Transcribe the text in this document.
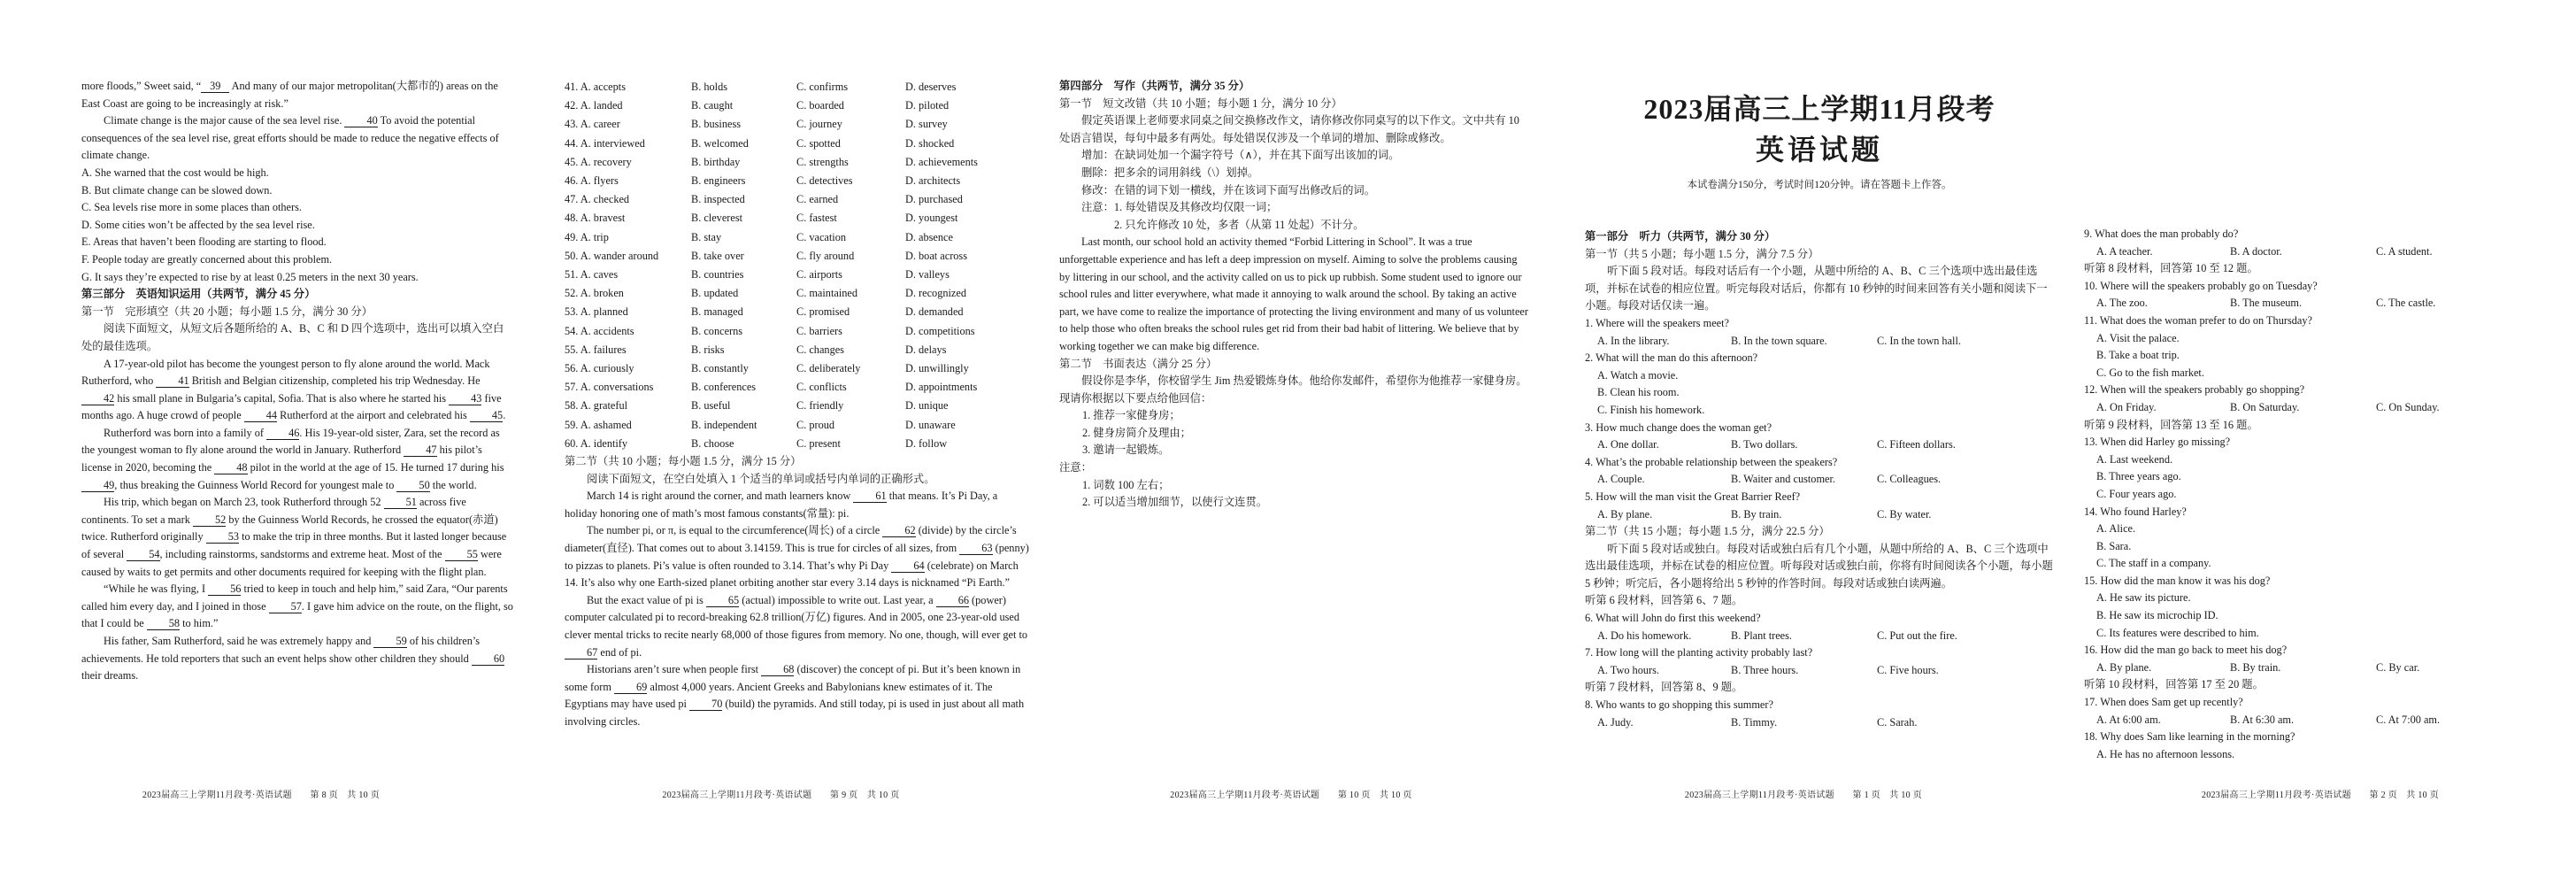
more floods,” Sweet said, “ 39 And many of our major metropolitan(大都市的) areas on the East Coast are going to be increasingly at risk.”

Climate change is the major cause of the sea level rise. 40 To avoid the potential consequences of the sea level rise, great efforts should be made to reduce the negative effects of climate change.

A. She warned that the cost would be high.

B. But climate change can be slowed down.

C. Sea levels rise more in some places than others.

D. Some cities won’t be affected by the sea level rise.

E. Areas that haven’t been flooding are starting to flood.

F. People today are greatly concerned about this problem.

G. It says they’re expected to rise by at least 0.25 meters in the next 30 years.

第三部分　英语知识运用（共两节，满分 45 分）

第一节　完形填空（共 20 小题；每小题 1.5 分，满分 30 分）

阅读下面短文，从短文后各题所给的 A、B、C 和 D 四个选项中，选出可以填入空白处的最佳选项。

A 17-year-old pilot has become the youngest person to fly alone around the world. Mack Rutherford, who 41 British and Belgian citizenship, completed his trip Wednesday. He 42 his small plane in Bulgaria’s capital, Sofia. That is also where he started his 43 five months ago. A huge crowd of people 44 Rutherford at the airport and celebrated his 45.

Rutherford was born into a family of 46. His 19-year-old sister, Zara, set the record as the youngest woman to fly alone around the world in January. Rutherford 47 his pilot’s license in 2020, becoming the 48 pilot in the world at the age of 15. He turned 17 during his 49, thus breaking the Guinness World Record for youngest male to 50 the world.

His trip, which began on March 23, took Rutherford through 52 51 across five continents. To set a mark 52 by the Guinness World Records, he crossed the equator(赤道) twice. Rutherford originally 53 to make the trip in three months. But it lasted longer because of several 54, including rainstorms, sandstorms and extreme heat. Most of the 55 were caused by waits to get permits and other documents required for keeping with the flight plan.

“While he was flying, I 56 tried to keep in touch and help him,” said Zara, “Our parents called him every day, and I joined in those 57. I gave him advice on the route, on the flight, so that I could be 58 to him.”

His father, Sam Rutherford, said he was extremely happy and 59 of his children’s achievements. He told reporters that such an event helps show other children they should 60 their dreams.

2023届高三上学期11月段考·英语试题　　第 8 页　共 10 页
41. A. accepts	B. holds	C. confirms	D. deserves
42. A. landed	B. caught	C. boarded	D. piloted
43. A. career	B. business	C. journey	D. survey
44. A. interviewed	B. welcomed	C. spotted	D. shocked
45. A. recovery	B. birthday	C. strengths	D. achievements
46. A. flyers	B. engineers	C. detectives	D. architects
47. A. checked	B. inspected	C. earned	D. purchased
48. A. bravest	B. cleverest	C. fastest	D. youngest
49. A. trip	B. stay	C. vacation	D. absence
50. A. wander around	B. take over	C. fly around	D. boat across
51. A. caves	B. countries	C. airports	D. valleys
52. A. broken	B. updated	C. maintained	D. recognized
53. A. planned	B. managed	C. promised	D. demanded
54. A. accidents	B. concerns	C. barriers	D. competitions
55. A. failures	B. risks	C. changes	D. delays
56. A. curiously	B. constantly	C. deliberately	D. unwillingly
57. A. conversations	B. conferences	C. conflicts	D. appointments
58. A. grateful	B. useful	C. friendly	D. unique
59. A. ashamed	B. independent	C. proud	D. unaware
60. A. identify	B. choose	C. present	D. follow

第二节（共 10 小题；每小题 1.5 分，满分 15 分）

阅读下面短文，在空白处填入 1 个适当的单词或括号内单词的正确形式。

March 14 is right around the corner, and math learners know 61 that means. It’s Pi Day, a holiday honoring one of math’s most famous constants(常量): pi.

The number pi, or π, is equal to the circumference(周长) of a circle 62 (divide) by the circle’s diameter(直径). That comes out to about 3.14159. This is true for circles of all sizes, from 63 (penny) to pizzas to planets. Pi’s value is often rounded to 3.14. That’s why Pi Day 64 (celebrate) on March 14. It’s also why one Earth-sized planet orbiting another star every 3.14 days is nicknamed “Pi Earth.”

But the exact value of pi is 65 (actual) impossible to write out. Last year, a 66 (power) computer calculated pi to record-breaking 62.8 trillion(万亿) figures. And in 2005, one 23-year-old used clever mental tricks to recite nearly 68,000 of those figures from memory. No one, though, will ever get to 67 end of pi.

Historians aren’t sure when people first 68 (discover) the concept of pi. But it’s been known in some form 69 almost 4,000 years. Ancient Greeks and Babylonians knew estimates of it. The Egyptians may have used pi 70 (build) the pyramids. And still today, pi is used in just about all math involving circles.

2023届高三上学期11月段考·英语试题　　第 9 页　共 10 页

第四部分　写作（共两节，满分 35 分）

第一节　短文改错（共 10 小题；每小题 1 分，满分 10 分）

假定英语课上老师要求同桌之间交换修改作文，请你修改你同桌写的以下作文。文中共有 10 处语言错误，每句中最多有两处。每处错误仅涉及一个单词的增加、删除或修改。

增加：在缺词处加一个漏字符号（∧），并在其下面写出该加的词。

删除：把多余的词用斜线（\）划掉。

修改：在错的词下划一横线，并在该词下面写出修改后的词。

注意：1. 每处错误及其修改均仅限一词；

2. 只允许修改 10 处，多者（从第 11 处起）不计分。

Last month, our school hold an activity themed “Forbid Littering in School”. It was a true unforgettable experience and has left a deep impression on myself. Aiming to solve the problems causing by littering in our school, and the activity called on us to pick up rubbish. Some student used to ignore our school rules and litter everywhere, what made it annoying to walk around the school. By taking an active part, we have come to realize the importance of protecting the living environment and many of us volunteer to help those who often breaks the school rules get rid from their bad habit of littering. We believe that by working together we can make big difference.

第二节　书面表达（满分 25 分）

假设你是李华，你校留学生 Jim 热爱锻炼身体。他给你发邮件，希望你为他推荐一家健身房。现请你根据以下要点给他回信：

1. 推荐一家健身房；

2. 健身房简介及理由；

3. 邀请一起锻炼。

注意：

1. 词数 100 左右；

2. 可以适当增加细节，以使行文连贯。

2023届高三上学期11月段考·英语试题　　第 10 页　共 10 页
2023届高三上学期11月段考
英语试题
本试卷满分150分，考试时间120分钟。请在答题卡上作答。

第一部分　听力（共两节，满分 30 分）

第一节（共 5 小题；每小题 1.5 分，满分 7.5 分）

听下面 5 段对话。每段对话后有一个小题，从题中所给的 A、B、C 三个选项中选出最佳选项，并标在试卷的相应位置。听完每段对话后，你都有 10 秒钟的时间来回答有关小题和阅读下一小题。每段对话仅读一遍。

1. Where will the speakers meet?

A. In the library.	B. In the town square.	C. In the town hall.

2. What will the man do this afternoon?

A. Watch a movie.

B. Clean his room.

C. Finish his homework.

3. How much change does the woman get?

A. One dollar.	B. Two dollars.	C. Fifteen dollars.

4. What’s the probable relationship between the speakers?

A. Couple.	B. Waiter and customer.	C. Colleagues.

5. How will the man visit the Great Barrier Reef?

A. By plane.	B. By train.	C. By water.

第二节（共 15 小题；每小题 1.5 分，满分 22.5 分）

听下面 5 段对话或独白。每段对话或独白后有几个小题，从题中所给的 A、B、C 三个选项中选出最佳选项，并标在试卷的相应位置。听每段对话或独白前，你将有时间阅读各个小题，每小题 5 秒钟；听完后，各小题将给出 5 秒钟的作答时间。每段对话或独白读两遍。

听第 6 段材料，回答第 6、7 题。

6. What will John do first this weekend?

A. Do his homework.	B. Plant trees.	C. Put out the fire.

7. How long will the planting activity probably last?

A. Two hours.	B. Three hours.	C. Five hours.

听第 7 段材料，回答第 8、9 题。

8. Who wants to go shopping this summer?

A. Judy.	B. Timmy.	C. Sarah.
2023届高三上学期11月段考·英语试题　　第 1 页　共 10 页

9. What does the man probably do?

A. A teacher.	B. A doctor.	C. A student.

听第 8 段材料，回答第 10 至 12 题。

10. Where will the speakers probably go on Tuesday?

A. The zoo.	B. The museum.	C. The castle.

11. What does the woman prefer to do on Thursday?

A. Visit the palace.

B. Take a boat trip.

C. Go to the fish market.

12. When will the speakers probably go shopping?

A. On Friday.	B. On Saturday.	C. On Sunday.

听第 9 段材料，回答第 13 至 16 题。

13. When did Harley go missing?

A. Last weekend.

B. Three years ago.

C. Four years ago.

14. Who found Harley?

A. Alice.

B. Sara.

C. The staff in a company.

15. How did the man know it was his dog?

A. He saw its picture.

B. He saw its microchip ID.

C. Its features were described to him.

16. How did the man go back to meet his dog?

A. By plane.	B. By train.	C. By car.

听第 10 段材料，回答第 17 至 20 题。

17. When does Sam get up recently?

A. At 6:00 am.	B. At 6:30 am.	C. At 7:00 am.

18. Why does Sam like learning in the morning?

A. He has no afternoon lessons.

2023届高三上学期11月段考·英语试题　　第 2 页　共 10 页
